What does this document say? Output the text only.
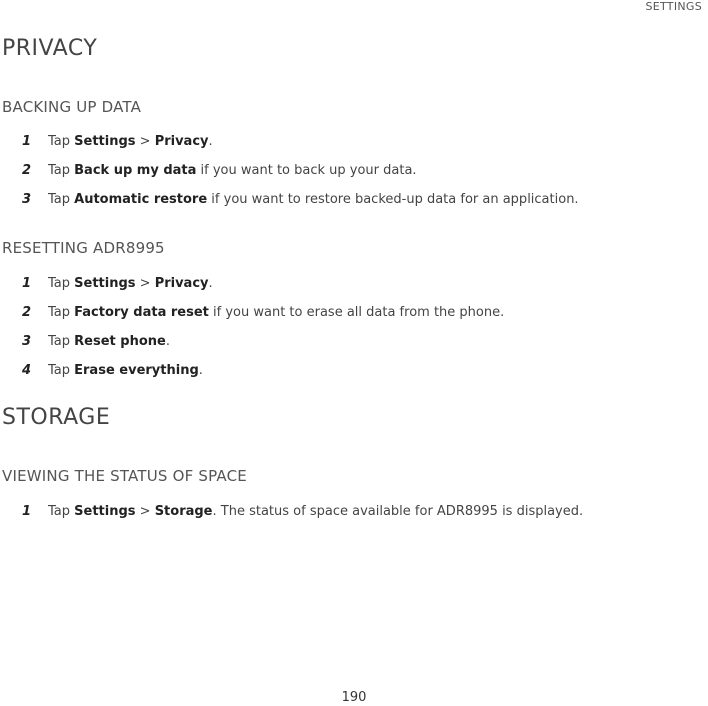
SETTINGS
PRIVACY
BACKING UP DATA
1 Tap Settings > Privacy.
2 Tap Back up my data if you want to back up your data.
3 Tap Automatic restore if you want to restore backed-up data for an application.
RESETTING ADR8995
1 Tap Settings > Privacy.
2 Tap Factory data reset if you want to erase all data from the phone.
3 Tap Reset phone.
4 Tap Erase everything.
STORAGE
VIEWING THE STATUS OF SPACE
1 Tap Settings > Storage. The status of space available for ADR8995 is displayed.
190
